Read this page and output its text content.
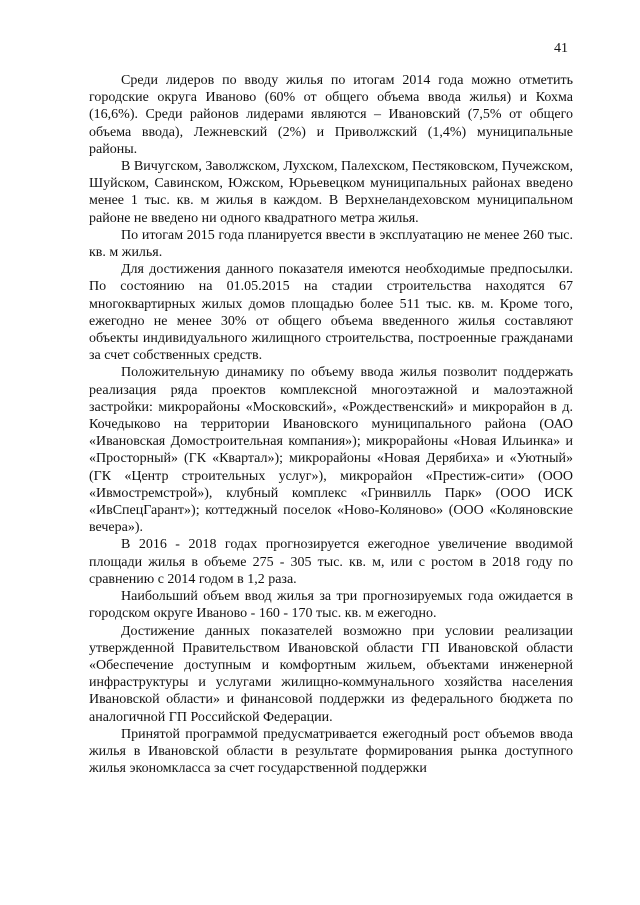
41

Среди лидеров по вводу жилья по итогам 2014 года можно отметить городские округа Иваново (60% от общего объема ввода жилья) и Кохма (16,6%). Среди районов лидерами являются – Ивановский (7,5% от общего объема ввода), Лежневский (2%) и Приволжский (1,4%) муниципальные районы.

В Вичугском, Заволжском, Лухском, Палехском, Пестяковском, Пучежском, Шуйском, Савинском, Южском, Юрьевецком муниципальных районах введено менее 1 тыс. кв. м жилья в каждом. В Верхнеландеховском муниципальном районе не введено ни одного квадратного метра жилья.

По итогам 2015 года планируется ввести в эксплуатацию не менее 260 тыс. кв. м жилья.

Для достижения данного показателя имеются необходимые предпосылки. По состоянию на 01.05.2015 на стадии строительства находятся 67 многоквартирных жилых домов площадью более 511 тыс. кв. м. Кроме того, ежегодно не менее 30% от общего объема введенного жилья составляют объекты индивидуального жилищного строительства, построенные гражданами за счет собственных средств.

Положительную динамику по объему ввода жилья позволит поддержать реализация ряда проектов комплексной многоэтажной и малоэтажной застройки: микрорайоны «Московский», «Рождественский» и микрорайон в д. Кочедыково на территории Ивановского муниципального района (ОАО «Ивановская Домостроительная компания»); микрорайоны «Новая Ильинка» и «Просторный» (ГК «Квартал»); микрорайоны «Новая Дерябиха» и «Уютный» (ГК «Центр строительных услуг»), микрорайон «Престиж-сити» (ООО «Ивмостремстрой»), клубный комплекс «Гринвилль Парк» (ООО ИСК «ИвСпецГарант»); коттеджный поселок «Ново-Коляново» (ООО «Коляновские вечера»).

В 2016 - 2018 годах прогнозируется ежегодное увеличение вводимой площади жилья в объеме 275 - 305 тыс. кв. м, или с ростом в 2018 году по сравнению с 2014 годом в 1,2 раза.

Наибольший объем ввод жилья за три прогнозируемых года ожидается в городском округе Иваново - 160 - 170 тыс. кв. м ежегодно.

Достижение данных показателей возможно при условии реализации утвержденной Правительством Ивановской области ГП Ивановской области «Обеспечение доступным и комфортным жильем, объектами инженерной инфраструктуры и услугами жилищно-коммунального хозяйства населения Ивановской области» и финансовой поддержки из федерального бюджета по аналогичной ГП Российской Федерации.

Принятой программой предусматривается ежегодный рост объемов ввода жилья в Ивановской области в результате формирования рынка доступного жилья экономкласса за счет государственной поддержки
